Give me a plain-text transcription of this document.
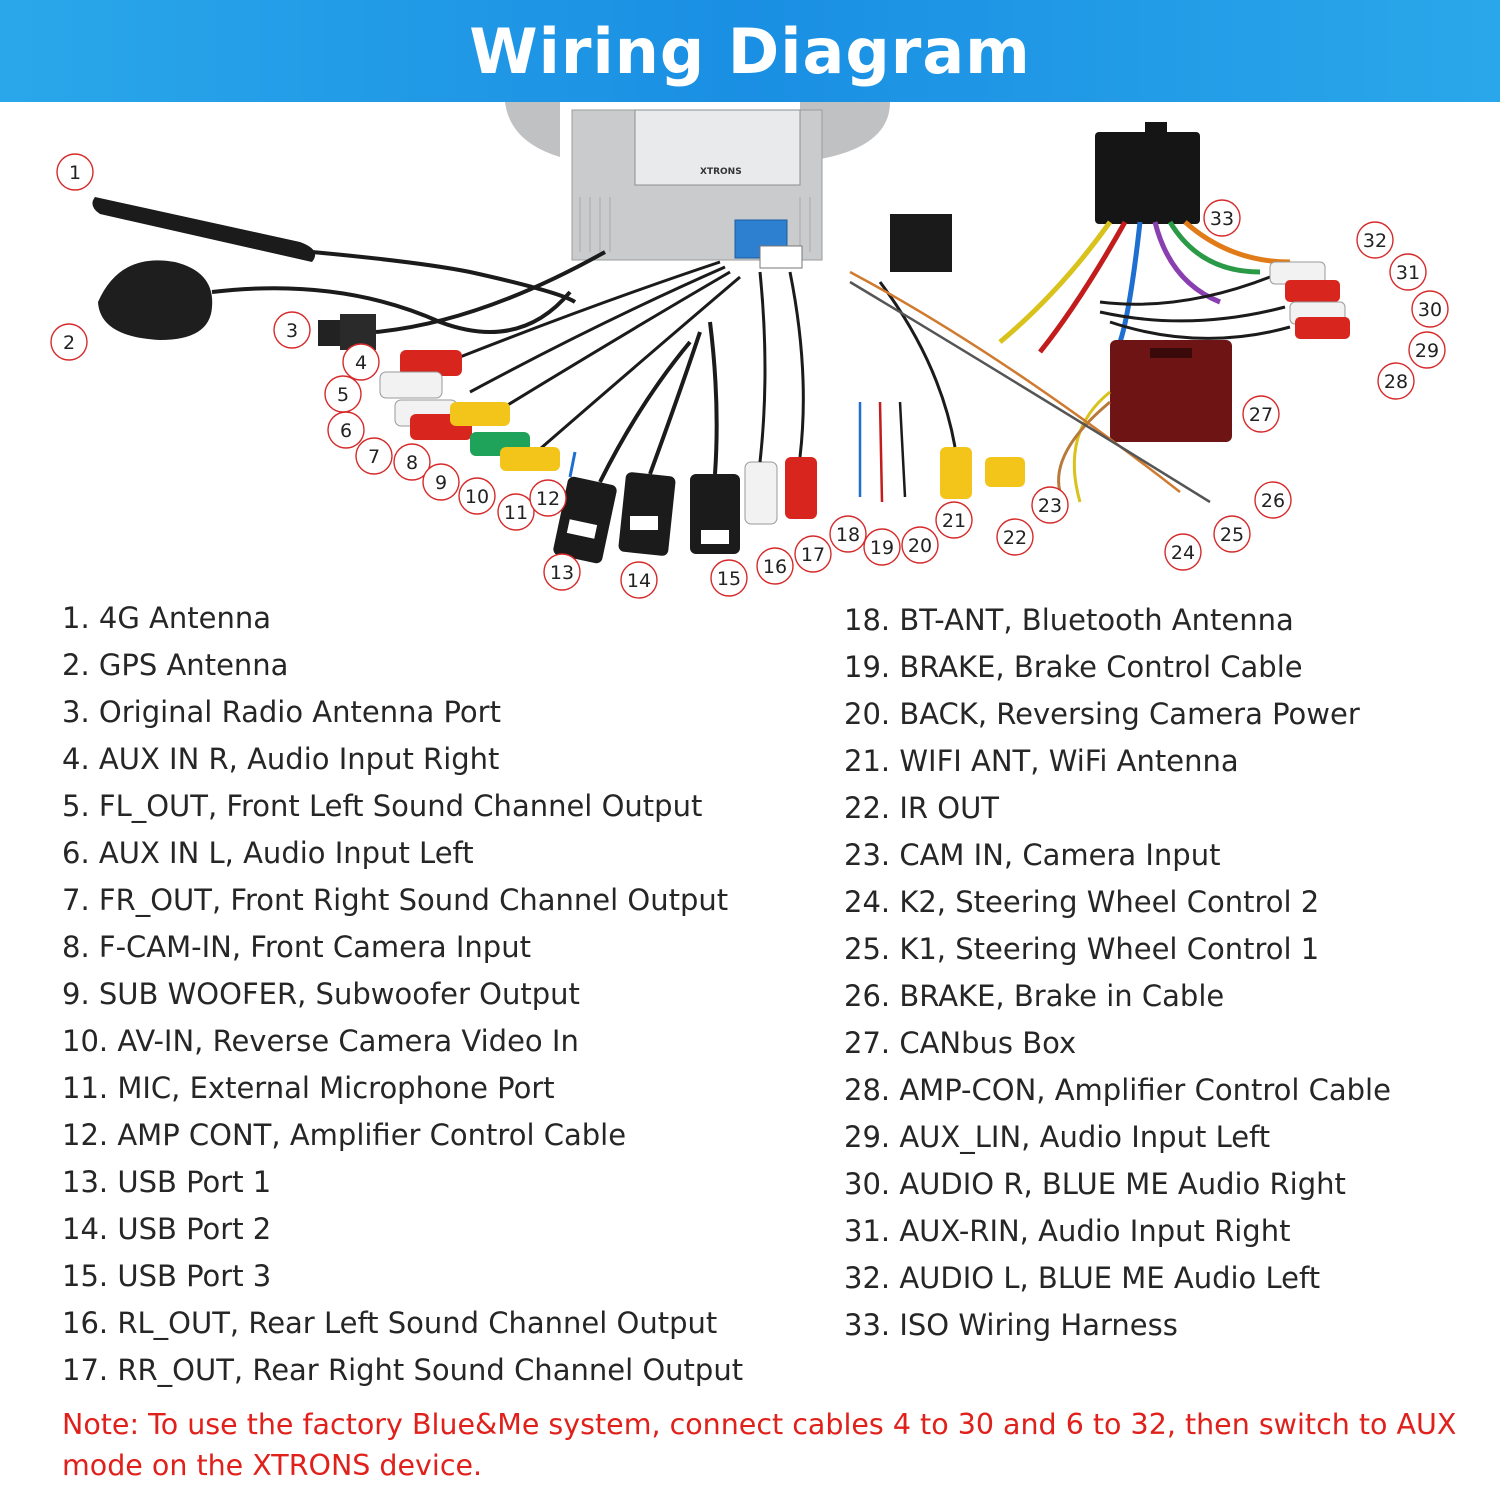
Wiring Diagram
XTRONS
1
2
3
4
5
6
7 8
9
10
11
12
13	14	15
16
17
18
19 20
21
22
23
24
25
26
27
28
29
30
31
32
33
1. 4G Antenna
2. GPS Antenna
3. Original Radio Antenna Port
4. AUX IN R, Audio Input Right
5. FL_OUT, Front Left Sound Channel Output
6. AUX IN L, Audio Input Left
7. FR_OUT, Front Right Sound Channel Output
8. F-CAM-IN, Front Camera Input
9. SUB WOOFER, Subwoofer Output
10. AV-IN, Reverse Camera Video In
11. MIC, External Microphone Port
12. AMP CONT, Amplifier Control Cable
13. USB Port 1
14. USB Port 2
15. USB Port 3
16. RL_OUT, Rear Left Sound Channel Output
17. RR_OUT, Rear Right Sound Channel Output
18. BT-ANT, Bluetooth Antenna
19. BRAKE, Brake Control Cable
20. BACK, Reversing Camera Power
21. WIFI ANT, WiFi Antenna
22. IR OUT
23. CAM IN, Camera Input
24. K2, Steering Wheel Control 2
25. K1, Steering Wheel Control 1
26. BRAKE, Brake in Cable
27. CANbus Box
28. AMP-CON, Amplifier Control Cable
29. AUX_LIN, Audio Input Left
30. AUDIO R, BLUE ME Audio Right
31. AUX-RIN, Audio Input Right
32. AUDIO L, BLUE ME Audio Left
33. ISO Wiring Harness
Note: To use the factory Blue&Me system, connect cables 4 to 30 and 6 to 32, then switch to AUX mode on the XTRONS device.
